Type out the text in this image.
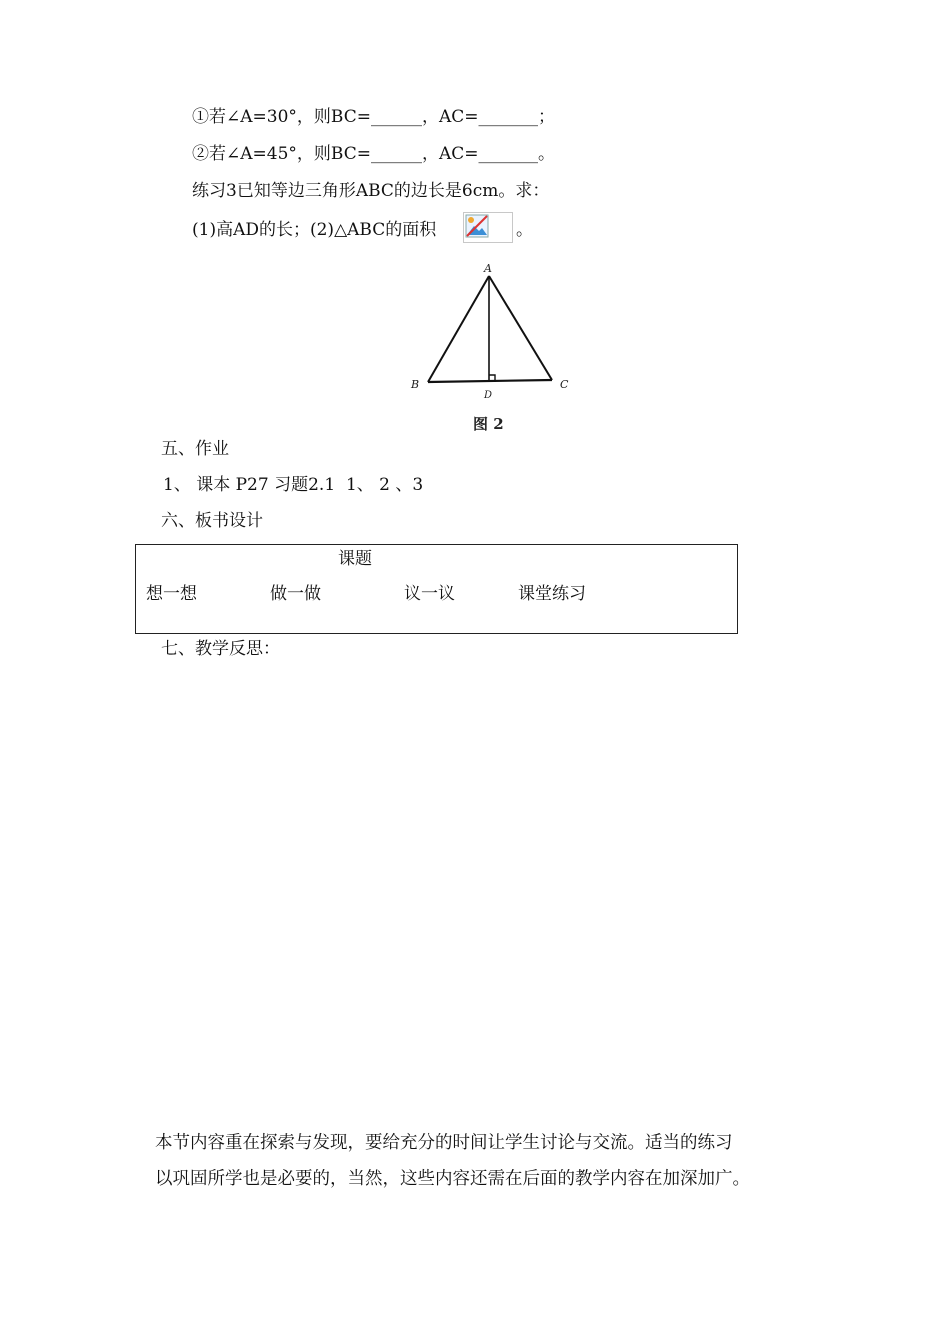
①若∠A=30°，则BC=______，AC=_______；
②若∠A=45°，则BC=______，AC=_______。
练习3已知等边三角形ABC的边长是6cm。求：
(1)高AD的长；(2)△ABC的面积	。
A
B	C
D
图 2
五、作业
1、 课本 P27 习题2.1  1、 2 、3
六、板书设计
课题
想一想	做一做	议一议	课堂练习
七、教学反思：
本节内容重在探索与发现，要给充分的时间让学生讨论与交流。适当的练习
以巩固所学也是必要的，当然，这些内容还需在后面的教学内容在加深加广。
